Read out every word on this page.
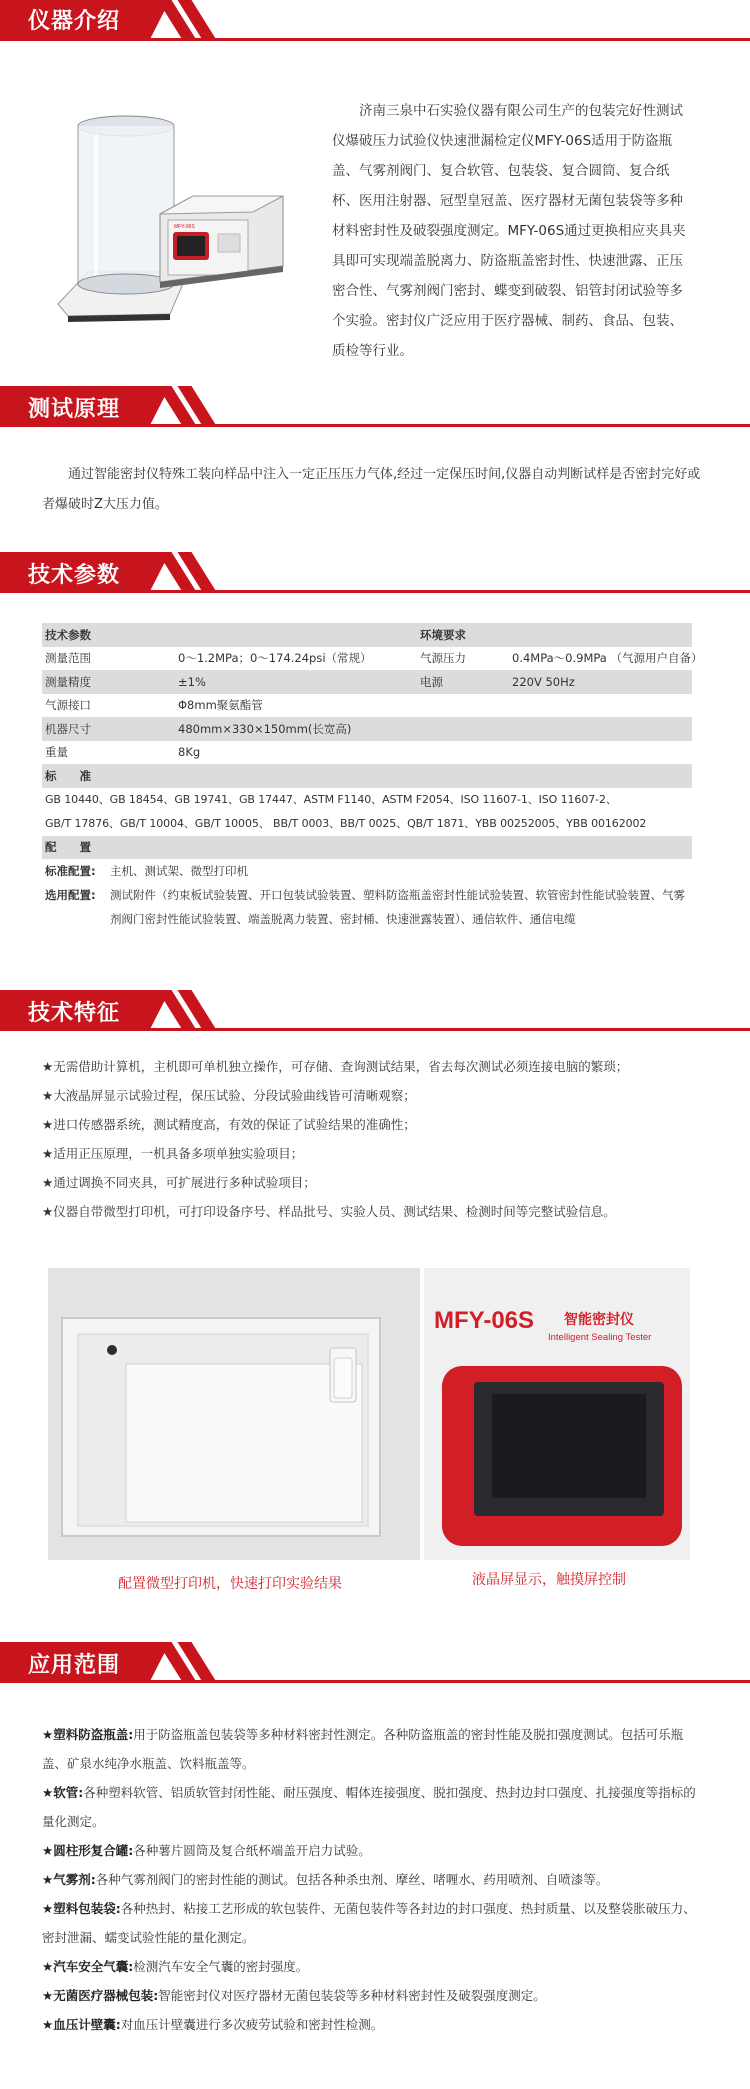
仪器介绍
MFY-06S

济南三泉中石实验仪器有限公司生产的包装完好性测试仪爆破压力试验仪快速泄漏检定仪MFY-06S适用于防盗瓶盖、气雾剂阀门、复合软管、包装袋、复合圆筒、复合纸杯、医用注射器、冠型皇冠盖、医疗器材无菌包装袋等多种材料密封性及破裂强度测定。MFY-06S通过更换相应夹具夹具即可实现端盖脱离力、防盗瓶盖密封性、快速泄露、正压密合性、气雾剂阀门密封、蝶变到破裂、铝管封闭试验等多个实验。密封仪广泛应用于医疗器械、制药、食品、包装、质检等行业。

测试原理

通过智能密封仪特殊工装向样品中注入一定正压压力气体,经过一定保压时间,仪器自动判断试样是否密封完好或者爆破时Z大压力值。

技术参数
技术参数	环境要求
测量范围	0～1.2MPa；0～174.24psi（常规）	气源压力	0.4MPa～0.9MPa （气源用户自备）
测量精度	±1%	电源	220V 50Hz
气源接口	Φ8mm聚氨酯管
机器尺寸	480mm×330×150mm(长宽高)
重量	8Kg
标　　准
GB 10440、GB 18454、GB 19741、GB 17447、ASTM F1140、ASTM F2054、ISO 11607-1、ISO 11607-2、
GB/T 17876、GB/T 10004、GB/T 10005、 BB/T 0003、BB/T 0025、QB/T 1871、YBB 00252005、YBB 00162002
配　　置
标准配置: 主机、测试架、微型打印机
选用配置: 测试附件（约束板试验装置、开口包装试验装置、塑料防盗瓶盖密封性能试验装置、软管密封性能试验装置、气雾剂阀门密封性能试验装置、端盖脱离力装置、密封桶、快速泄露装置）、通信软件、通信电缆
技术特征
★无需借助计算机，主机即可单机独立操作，可存储、查询测试结果，省去每次测试必须连接电脑的繁琐；
★大液晶屏显示试验过程，保压试验、分段试验曲线皆可清晰观察；
★进口传感器系统，测试精度高，有效的保证了试验结果的准确性；
★适用正压原理，一机具备多项单独实验项目；
★通过调换不同夹具，可扩展进行多种试验项目；
★仪器自带微型打印机，可打印设备序号、样品批号、实验人员、测试结果、检测时间等完整试验信息。
MFY-06S 智能密封仪
Intelligent Sealing Tester
配置微型打印机，快速打印实验结果	液晶屏显示，触摸屏控制
应用范围
★塑料防盗瓶盖:用于防盗瓶盖包装袋等多种材料密封性测定。各种防盗瓶盖的密封性能及脱扣强度测试。包括可乐瓶盖、矿泉水纯净水瓶盖、饮料瓶盖等。
★软管:各种塑料软管、铝质软管封闭性能、耐压强度、帽体连接强度、脱扣强度、热封边封口强度、扎接强度等指标的量化测定。
★圆柱形复合罐:各种薯片圆筒及复合纸杯端盖开启力试验。
★气雾剂:各种气雾剂阀门的密封性能的测试。包括各种杀虫剂、摩丝、啫喱水、药用喷剂、自喷漆等。
★塑料包装袋:各种热封、粘接工艺形成的软包装件、无菌包装件等各封边的封口强度、热封质量、以及整袋胀破压力、密封泄漏、蠕变试验性能的量化测定。
★汽车安全气囊:检测汽车安全气囊的密封强度。
★无菌医疗器械包装:智能密封仪对医疗器材无菌包装袋等多种材料密封性及破裂强度测定。
★血压计壁囊:对血压计壁囊进行多次疲劳试验和密封性检测。
